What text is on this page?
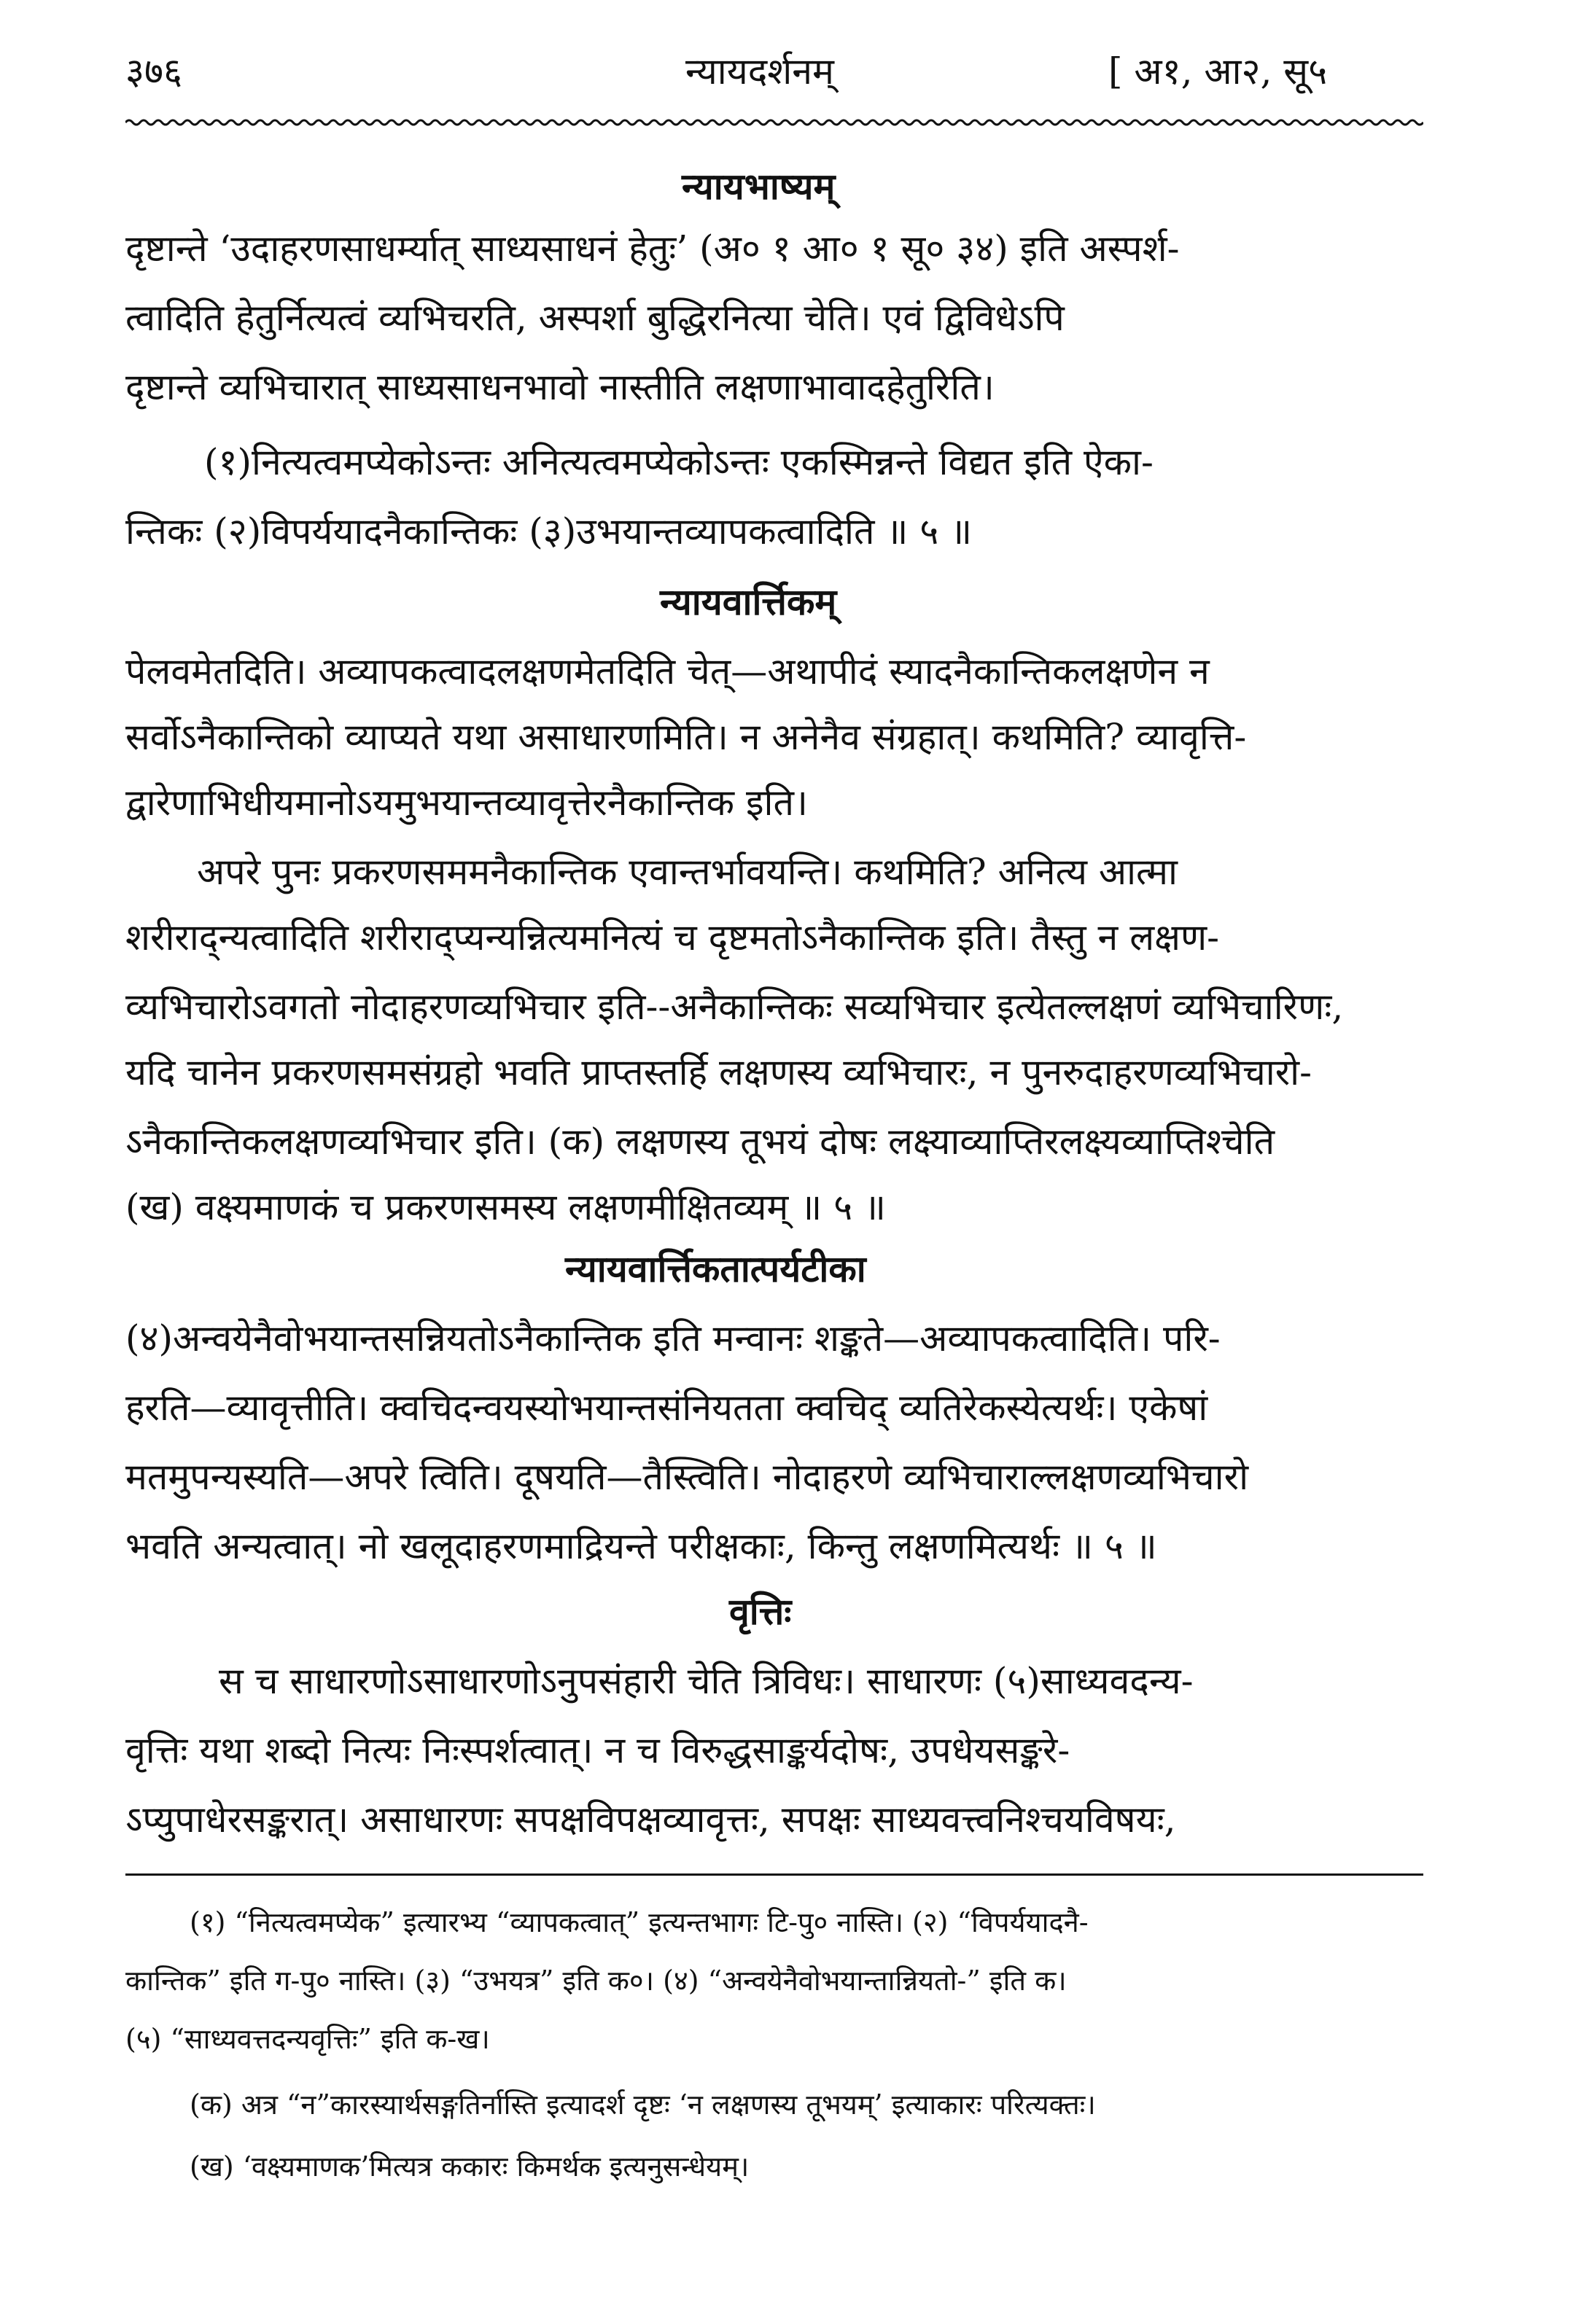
३७६	न्यायदर्शनम्	[ अ१, आ२, सू५
न्यायभाष्यम्
दृष्टान्ते ‘उदाहरणसाधर्म्यात् साध्यसाधनं हेतुः’ (अ० १ आ० १ सू० ३४) इति अस्पर्श-
त्वादिति हेतुर्नित्यत्वं व्यभिचरति, अस्पर्शा बुद्धिरनित्या चेति। एवं द्विविधेऽपि
दृष्टान्ते व्यभिचारात् साध्यसाधनभावो नास्तीति लक्षणाभावादहेतुरिति।
(१)नित्यत्वमप्येकोऽन्तः अनित्यत्वमप्येकोऽन्तः एकस्मिन्नन्ते विद्यत इति ऐका-
न्तिकः (२)विपर्ययादनैकान्तिकः (३)उभयान्तव्यापकत्वादिति ॥ ५ ॥
न्यायवार्त्तिकम्
पेलवमेतदिति। अव्यापकत्वादलक्षणमेतदिति चेत्—अथापीदं स्यादनैकान्तिकलक्षणेन न
सर्वोऽनैकान्तिको व्याप्यते यथा असाधारणमिति। न अनेनैव संग्रहात्। कथमिति? व्यावृत्ति-
द्वारेणाभिधीयमानोऽयमुभयान्तव्यावृत्तेरनैकान्तिक इति।
अपरे पुनः प्रकरणसममनैकान्तिक एवान्तर्भावयन्ति। कथमिति? अनित्य आत्मा
शरीराद्न्यत्वादिति शरीराद्प्यन्यन्नित्यमनित्यं च दृष्टमतोऽनैकान्तिक इति। तैस्तु न लक्षण-
व्यभिचारोऽवगतो नोदाहरणव्यभिचार इति--अनैकान्तिकः सव्यभिचार इत्येतल्लक्षणं व्यभिचारिणः,
यदि चानेन प्रकरणसमसंग्रहो भवति प्राप्तस्तर्हि लक्षणस्य व्यभिचारः, न पुनरुदाहरणव्यभिचारो-
ऽनैकान्तिकलक्षणव्यभिचार इति। (क) लक्षणस्य तूभयं दोषः लक्ष्याव्याप्तिरलक्ष्यव्याप्तिश्चेति
(ख) वक्ष्यमाणकं च प्रकरणसमस्य लक्षणमीक्षितव्यम् ॥ ५ ॥
न्यायवार्त्तिकतात्पर्यटीका
(४)अन्वयेनैवोभयान्तसन्नियतोऽनैकान्तिक इति मन्वानः शङ्कते—अव्यापकत्वादिति। परि-
हरति—व्यावृत्तीति। क्वचिदन्वयस्योभयान्तसंनियतता क्वचिद् व्यतिरेकस्येत्यर्थः। एकेषां
मतमुपन्यस्यति—अपरे त्विति। दूषयति—तैस्त्विति। नोदाहरणे व्यभिचाराल्लक्षणव्यभिचारो
भवति अन्यत्वात्। नो खलूदाहरणमाद्रियन्ते परीक्षकाः, किन्तु लक्षणमित्यर्थः ॥ ५ ॥
वृत्तिः
स च साधारणोऽसाधारणोऽनुपसंहारी चेति त्रिविधः। साधारणः (५)साध्यवदन्य-
वृत्तिः यथा शब्दो नित्यः निःस्पर्शत्वात्। न च विरुद्धसाङ्कर्यदोषः, उपधेयसङ्करे-
ऽप्युपाधेरसङ्करात्। असाधारणः सपक्षविपक्षव्यावृत्तः, सपक्षः साध्यवत्त्वनिश्चयविषयः,
(१) “नित्यत्वमप्येक” इत्यारभ्य “व्यापकत्वात्” इत्यन्तभागः टि-पु० नास्ति। (२) “विपर्ययादनै-
कान्तिक” इति ग-पु० नास्ति। (३) “उभयत्र” इति क०। (४) “अन्वयेनैवोभयान्तान्नियतो-” इति क।
(५) “साध्यवत्तदन्यवृत्तिः” इति क-ख।
(क) अत्र “न”कारस्यार्थसङ्गतिर्नास्ति इत्यादर्श दृष्टः ‘न लक्षणस्य तूभयम्’ इत्याकारः परित्यक्तः।
(ख) ‘वक्ष्यमाणक’मित्यत्र ककारः किमर्थक इत्यनुसन्धेयम्।
